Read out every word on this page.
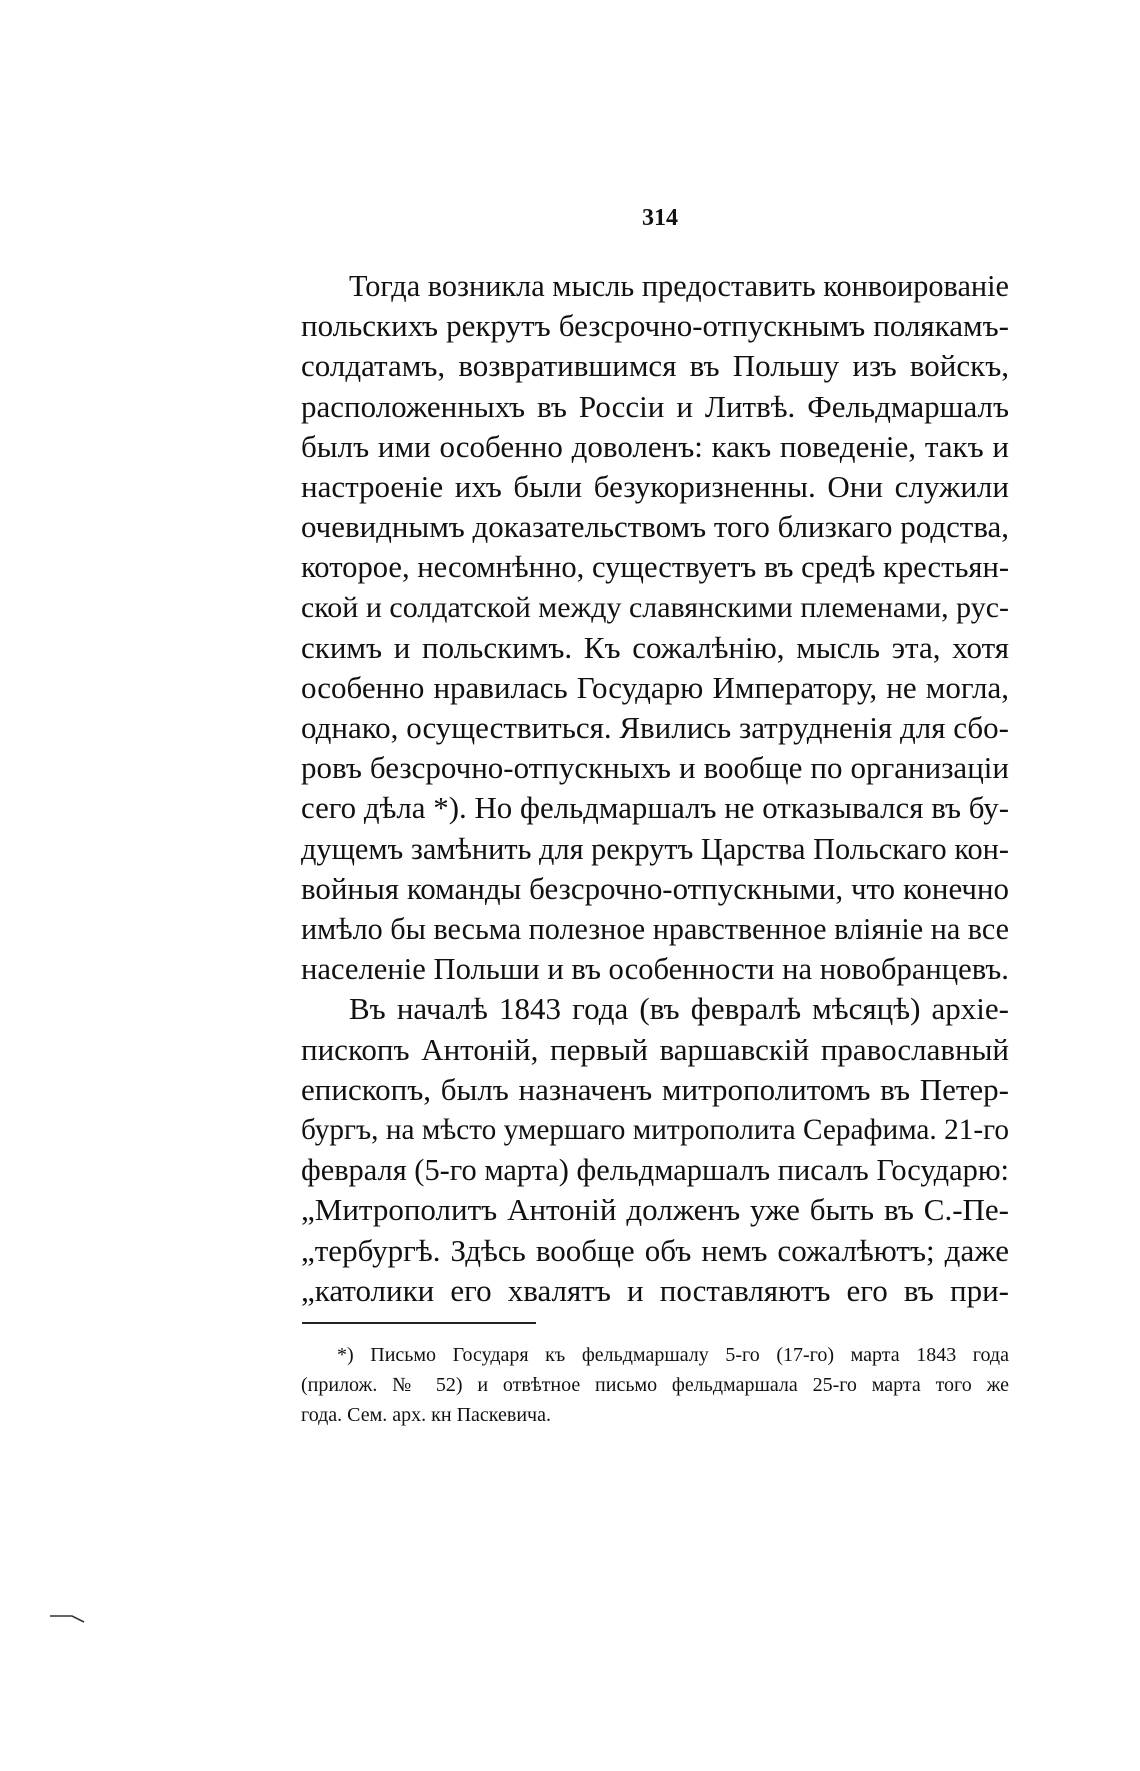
314
Тогда возникла мысль предоставить конвоированіе
польскихъ рекрутъ безсрочно-отпускнымъ полякамъ-
солдатамъ, возвратившимся въ Польшу изъ войскъ,
расположенныхъ въ Россіи и Литвѣ. Фельдмаршалъ
былъ ими особенно доволенъ: какъ поведеніе, такъ и
настроеніе ихъ были безукоризненны. Они служили
очевиднымъ доказательствомъ того близкаго родства,
которое, несомнѣнно, существуетъ въ средѣ крестьян-
ской и солдатской между славянскими племенами, рус-
скимъ и польскимъ. Къ сожалѣнію, мысль эта, хотя
особенно нравилась Государю Императору, не могла,
однако, осуществиться. Явились затрудненія для сбо-
ровъ безсрочно-отпускныхъ и вообще по организаціи
сего дѣла *). Но фельдмаршалъ не отказывался въ бу-
дущемъ замѣнить для рекрутъ Царства Польскаго кон-
войныя команды безсрочно-отпускными, что конечно
имѣло бы весьма полезное нравственное вліяніе на все
населеніе Польши и въ особенности на новобранцевъ.
Въ началѣ 1843 года (въ февралѣ мѣсяцѣ) архіе-
пископъ Антоній, первый варшавскій православный
епископъ, былъ назначенъ митрополитомъ въ Петер-
бургъ, на мѣсто умершаго митрополита Серафима. 21-го
февраля (5-го марта) фельдмаршалъ писалъ Государю:
„Митрополитъ Антоній долженъ уже быть въ С.-Пе-
„тербургѣ. Здѣсь вообще объ немъ сожалѣютъ; даже
„католики его хвалятъ и поставляютъ его въ при-
*) Письмо Государя къ фельдмаршалу 5-го (17-го) марта 1843 года
(прилож. № 52) и отвѣтное письмо фельдмаршала 25-го марта того же
года. Сем. арх. кн Паскевича.
